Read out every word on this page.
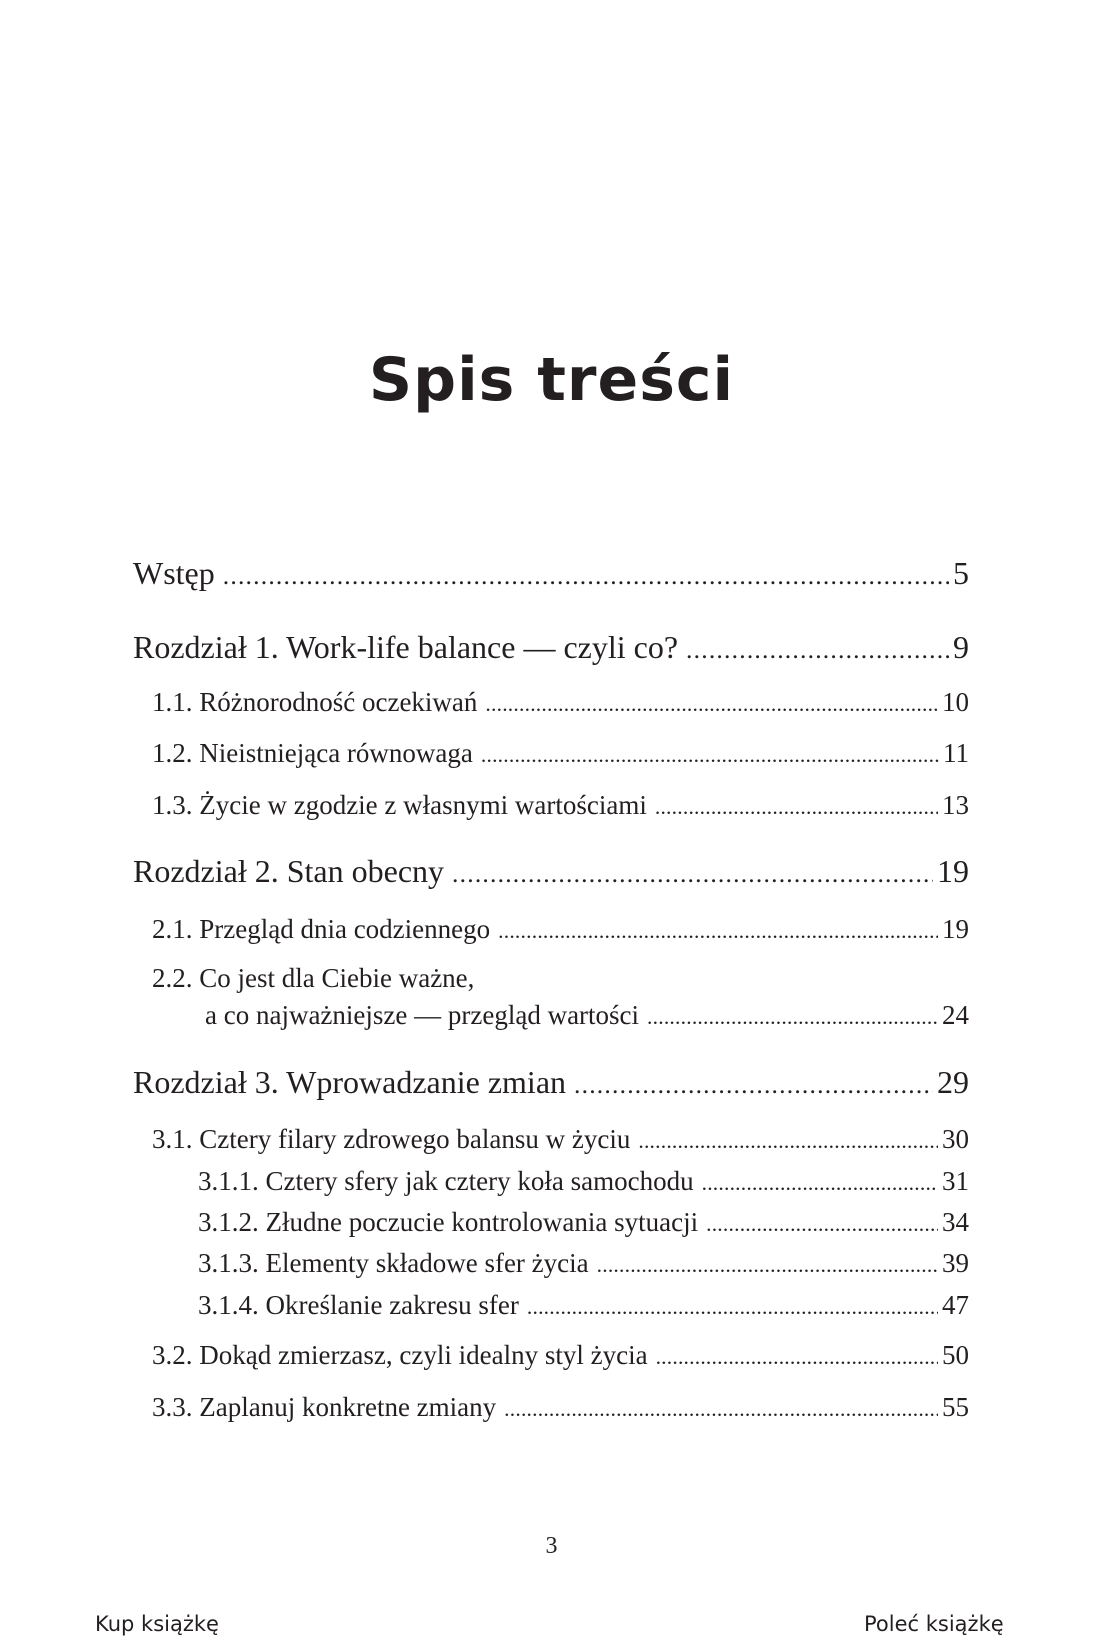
Spis treści
Wstęp . . .	5
Rozdział 1. Work-life balance — czyli co? . . .	9
1.1. Różnorodność oczekiwań . . .	10
1.2. Nieistniejąca równowaga . . .	11
1.3. Życie w zgodzie z własnymi wartościami . . .	13
Rozdział 2. Stan obecny . . .	19
2.1. Przegląd dnia codziennego . . .	19
2.2. Co jest dla Ciebie ważne,
a co najważniejsze — przegląd wartości . . .	24
Rozdział 3. Wprowadzanie zmian . . .	29
3.1. Cztery filary zdrowego balansu w życiu . . .	30
3.1.1. Cztery sfery jak cztery koła samochodu . . .	31
3.1.2. Złudne poczucie kontrolowania sytuacji . . .	34
3.1.3. Elementy składowe sfer życia . . .	39
3.1.4. Określanie zakresu sfer . . .	47
3.2. Dokąd zmierzasz, czyli idealny styl życia . . .	50
3.3. Zaplanuj konkretne zmiany . . .	55
3
Kup książkę	Poleć książkę
